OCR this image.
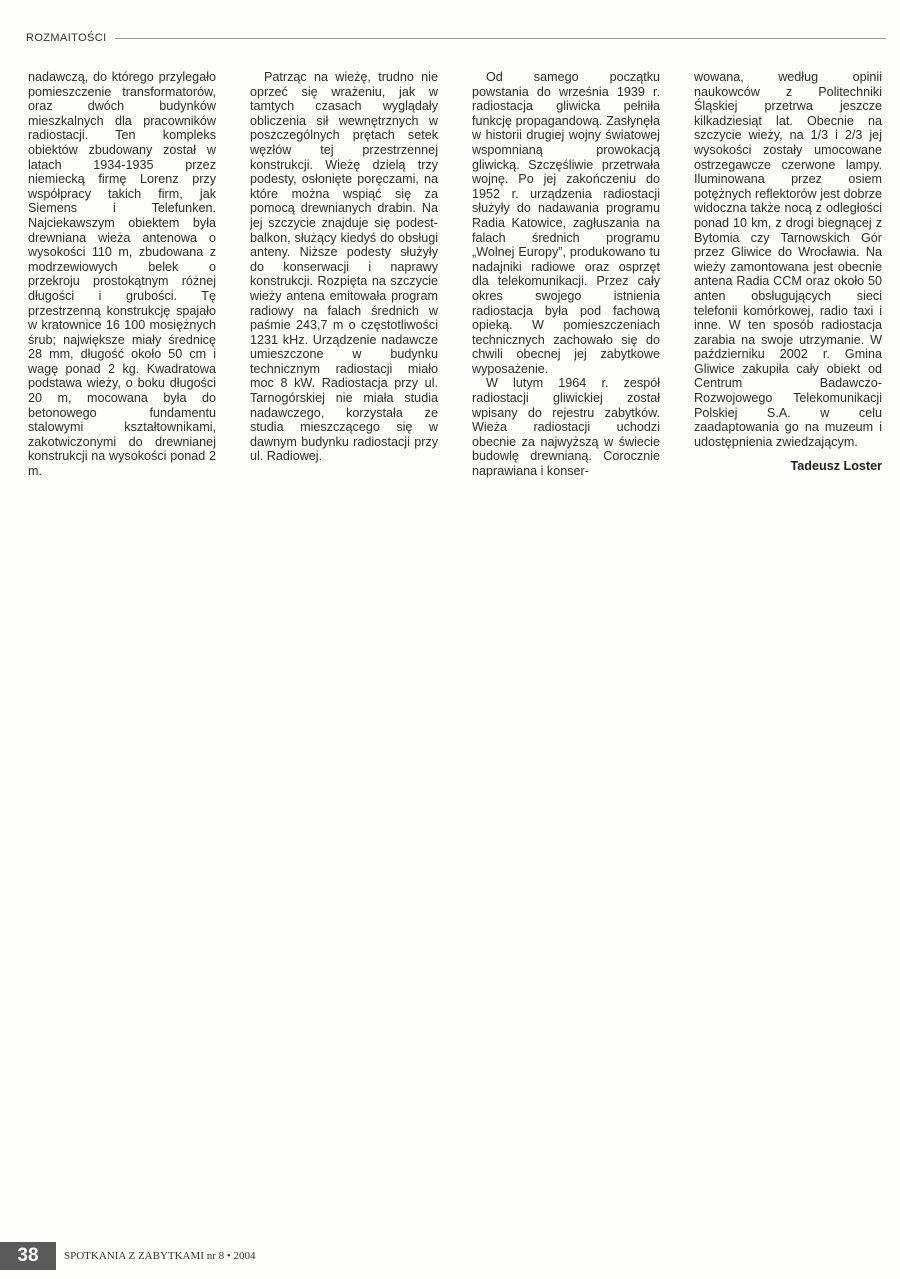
ROZMAITOŚCI

nadawczą, do którego przylegało pomieszczenie transformatorów, oraz dwóch budynków mieszkalnych dla pracowników radiostacji. Ten kompleks obiektów zbudowany został w latach 1934-1935 przez niemiecką firmę Lorenz przy współpracy takich firm, jak Siemens i Telefunken. Najciekawszym obiektem była drewniana wieża antenowa o wysokości 110 m, zbudowana z modrzewiowych belek o przekroju prostokątnym różnej długości i grubości. Tę przestrzenną konstrukcję spajało w kratownice 16 100 mosiężnych śrub; największe miały średnicę 28 mm, długość około 50 cm i wagę ponad 2 kg. Kwadratowa podstawa wieży, o boku długości 20 m, mocowana była do betonowego fundamentu stalowymi kształtownikami, zakotwiczonymi do drewnianej konstrukcji na wysokości ponad 2 m.

Patrząc na wieżę, trudno nie oprzeć się wrażeniu, jak w tamtych czasach wyglądały obliczenia sił wewnętrznych w poszczególnych prętach setek węzłów tej przestrzennej konstrukcji. Wieżę dzielą trzy podesty, osłonięte poręczami, na które można wspiąć się za pomocą drewnianych drabin. Na jej szczycie znajduje się podest-balkon, służący kiedyś do obsługi anteny. Niższe podesty służyły do konserwacji i naprawy konstrukcji. Rozpięta na szczycie wieży antena emitowała program radiowy na falach średnich w paśmie 243,7 m o częstotliwości 1231 kHz. Urządzenie nadawcze umieszczone w budynku technicznym radiostacji miało moc 8 kW. Radiostacja przy ul. Tarnogórskiej nie miała studia nadawczego, korzystała ze studia mieszczącego się w dawnym budynku radiostacji przy ul. Radiowej.

Od samego początku powstania do września 1939 r. radiostacja gliwicka pełniła funkcję propagandową. Zasłynęła w historii drugiej wojny światowej wspomnianą prowokacją gliwicką. Szczęśliwie przetrwała wojnę. Po jej zakończeniu do 1952 r. urządzenia radiostacji służyły do nadawania programu Radia Katowice, zagłuszania na falach średnich programu „Wolnej Europy”, produkowano tu nadajniki radiowe oraz osprzęt dla telekomunikacji. Przez cały okres swojego istnienia radiostacja była pod fachową opieką. W pomieszczeniach technicznych zachowało się do chwili obecnej jej zabytkowe wyposażenie.

W lutym 1964 r. zespół radiostacji gliwickiej został wpisany do rejestru zabytków. Wieża radiostacji uchodzi obecnie za najwyższą w świecie budowlę drewnianą. Corocznie naprawiana i konser-

wowana, według opinii naukowców z Politechniki Śląskiej przetrwa jeszcze kilkadziesiąt lat. Obecnie na szczycie wieży, na 1/3 i 2/3 jej wysokości zostały umocowane ostrzegawcze czerwone lampy. Iluminowana przez osiem potężnych reflektorów jest dobrze widoczna także nocą z odległości ponad 10 km, z drogi biegnącej z Bytomia czy Tarnowskich Gór przez Gliwice do Wrocławia. Na wieży zamontowana jest obecnie antena Radia CCM oraz około 50 anten obsługujących sieci telefonii komórkowej, radio taxi i inne. W ten sposób radiostacja zarabia na swoje utrzymanie. W październiku 2002 r. Gmina Gliwice zakupiła cały obiekt od Centrum Badawczo-Rozwojowego Telekomunikacji Polskiej S.A. w celu zaadaptowania go na muzeum i udostępnienia zwiedzającym.

Tadeusz Loster
38	SPOTKANIA Z ZABYTKAMI nr 8 • 2004
